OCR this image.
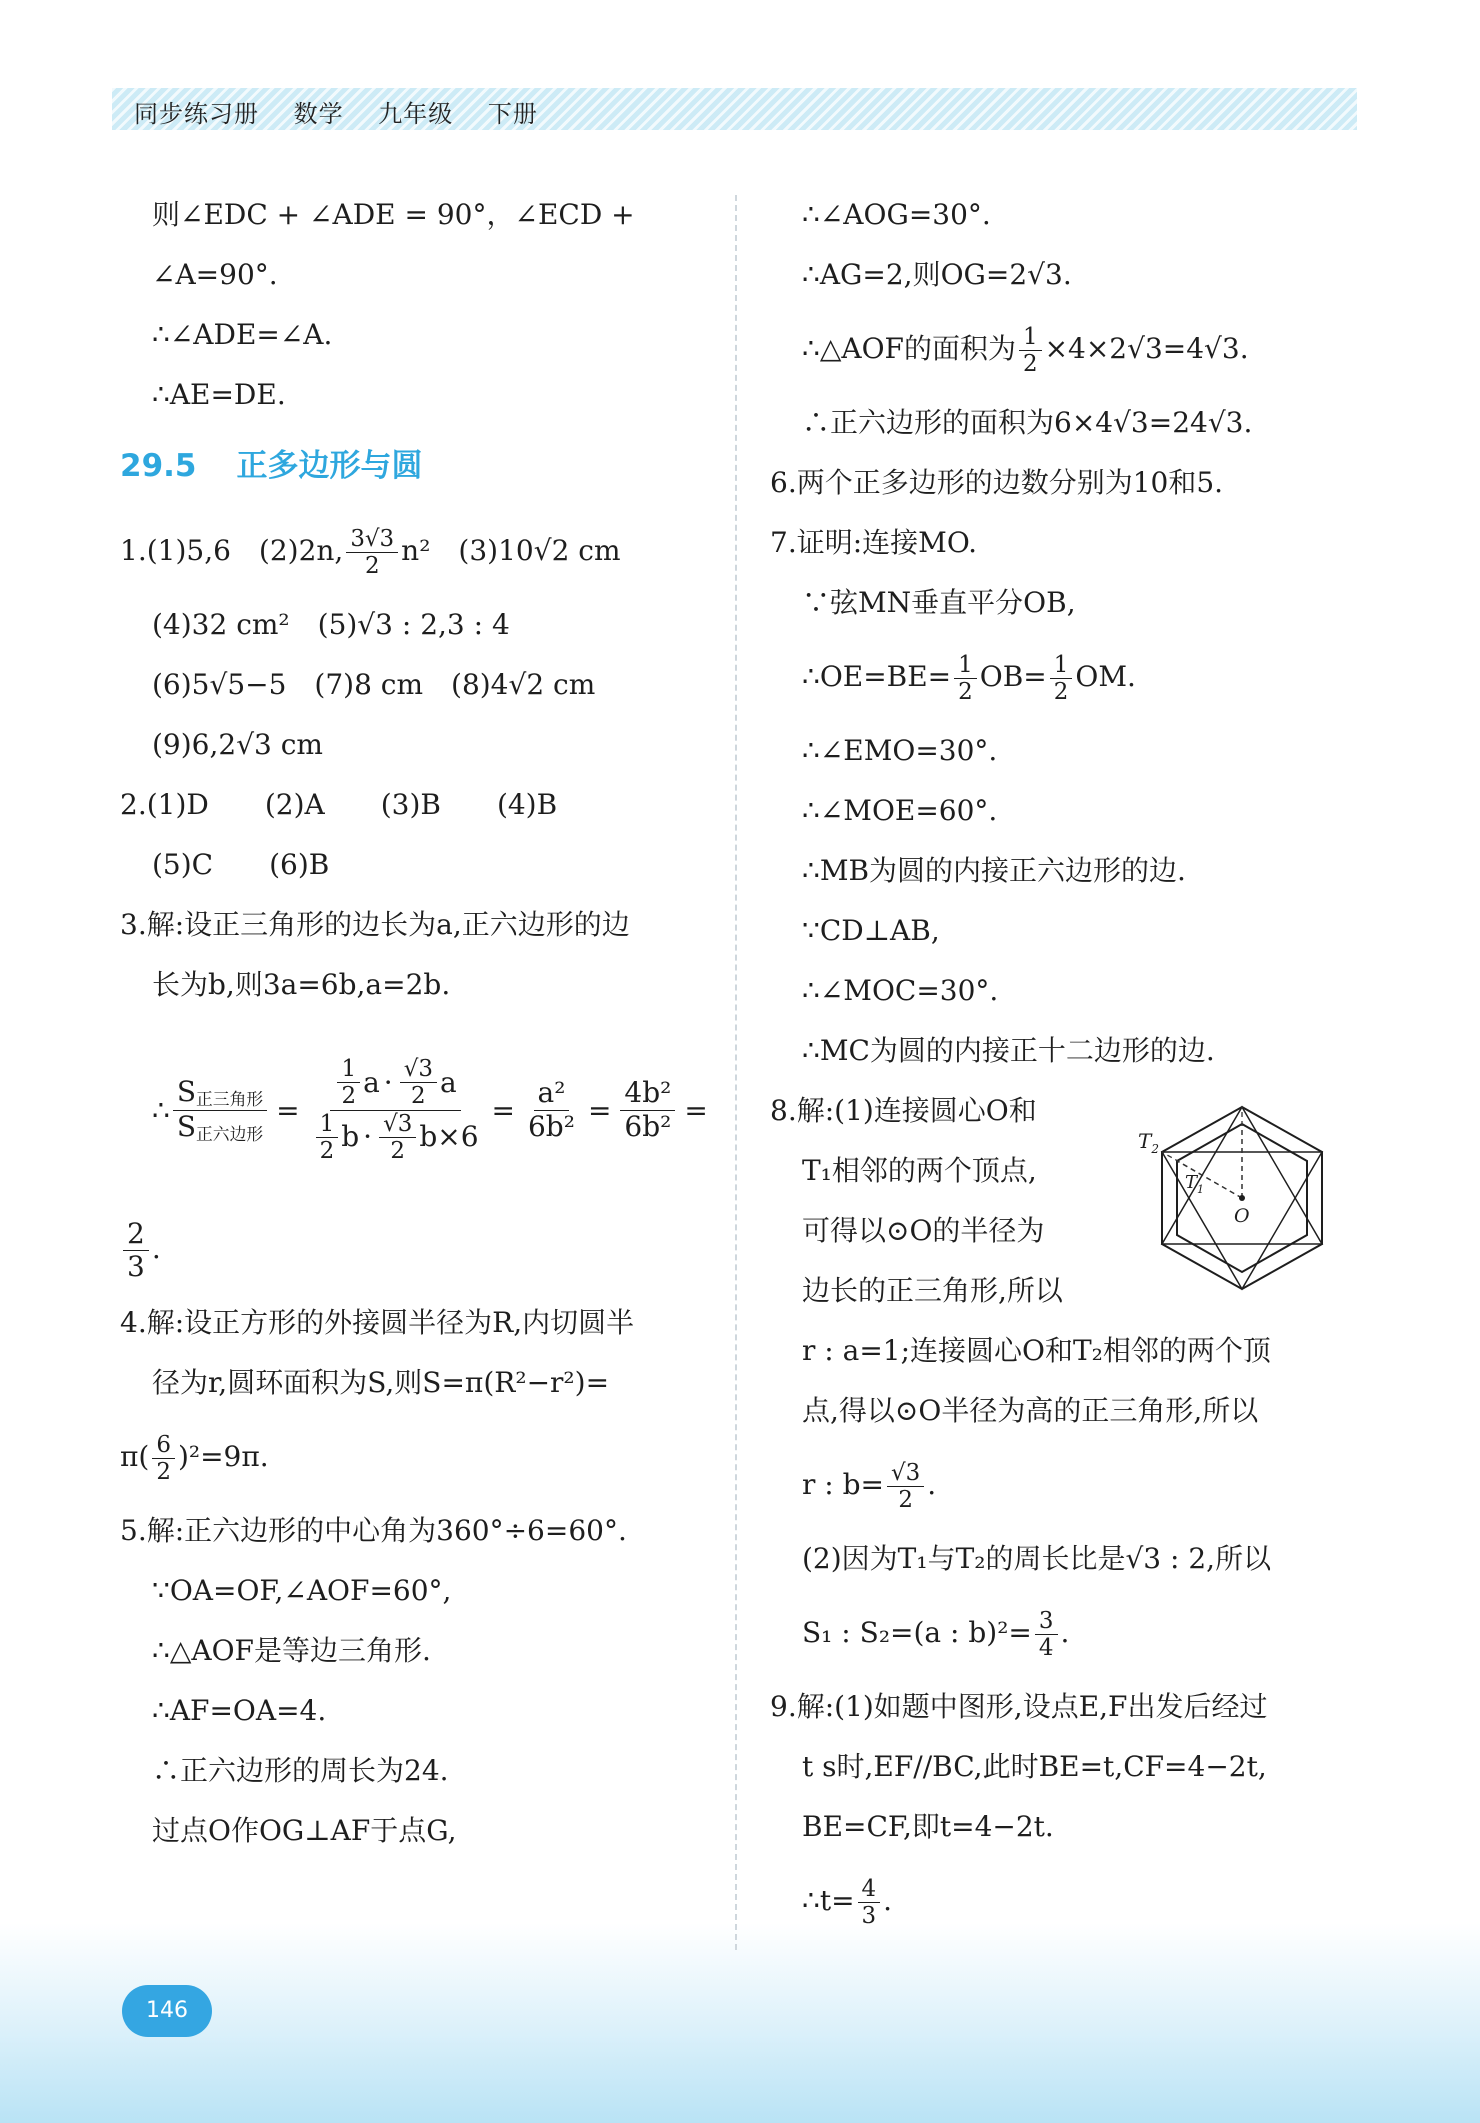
同步练习册 数学 九年级 下册
则∠EDC + ∠ADE = 90°，∠ECD +
∠A=90°.
∴∠ADE=∠A.
∴AE=DE.
29.5 正多边形与圆
1.(1)5,6　(2)2n, $\frac{3√3}{2} n^2$　(3)10√2 cm
(4)32 cm²　(5)√3 : 2,3 : 4
(6)5√5−5　(7)8 cm　(8)4√2 cm
(9)6,2√3 cm
2.(1)D　　(2)A　　(3)B　　(4)B
(5)C　　(6)B
3.解:设正三角形的边长为a,正六边形的边
长为b,则3a=6b,a=2b.
∴ $\frac{S_{正三角形}}{S_{正六边形}} = \frac{\frac{1}{2} a \cdot \frac{√3}{2} a}{\frac{1}{2} b \cdot \frac{√3}{2} b\times 6} = \frac{\text{a²}}{\text{6b²}} = \frac{\text{4b²}}{\text{6b²}}$ =
$\frac{2}{3}$ .
4.解:设正方形的外接圆半径为R,内切圆半
径为r,圆环面积为S,则S=π(R²−r²)=
$\pi( \frac{6}{2} )^2=9\pi$.
5.解:正六边形的中心角为360°÷6=60°.
∵OA=OF,∠AOF=60°,
∴△AOF是等边三角形.
∴AF=OA=4.
∴正六边形的周长为24.
过点O作OG⊥AF于点G,
∴∠AOG=30°.
∴AG=2,则OG=2√3.
∴△AOF的面积为 $\frac{1}{2} \times 4\times 2√3=4√3$.
∴正六边形的面积为6×4√3=24√3.
6.两个正多边形的边数分别为10和5.
7.证明:连接MO.
∵弦MN垂直平分OB,
∴OE=BE= $\frac{1}{2} OB= \frac{1}{2}$ OM.
∴∠EMO=30°.
∴∠MOE=60°.
∴MB为圆的内接正六边形的边.
∵CD⊥AB,
∴∠MOC=30°.
∴MC为圆的内接正十二边形的边.
8.解:(1)连接圆心O和
T₁相邻的两个顶点,
可得以⊙O的半径为
边长的正三角形,所以
r : a=1;连接圆心O和T₂相邻的两个顶
点,得以⊙O半径为高的正三角形,所以
r : $b= \frac{√3}{2}$ .
(2)因为T₁与T₂的周长比是√3 : 2,所以
S₁ : S₂=(a : $b)^2= \frac{3}{4}$ .
9.解:(1)如题中图形,设点E,F出发后经过
t s时,EF//BC,此时BE=t,CF=4−2t,
BE=CF,即t=4−2t.
∴t= $\frac{4}{3}$ .
$T_2$
$T_1$
O
146
